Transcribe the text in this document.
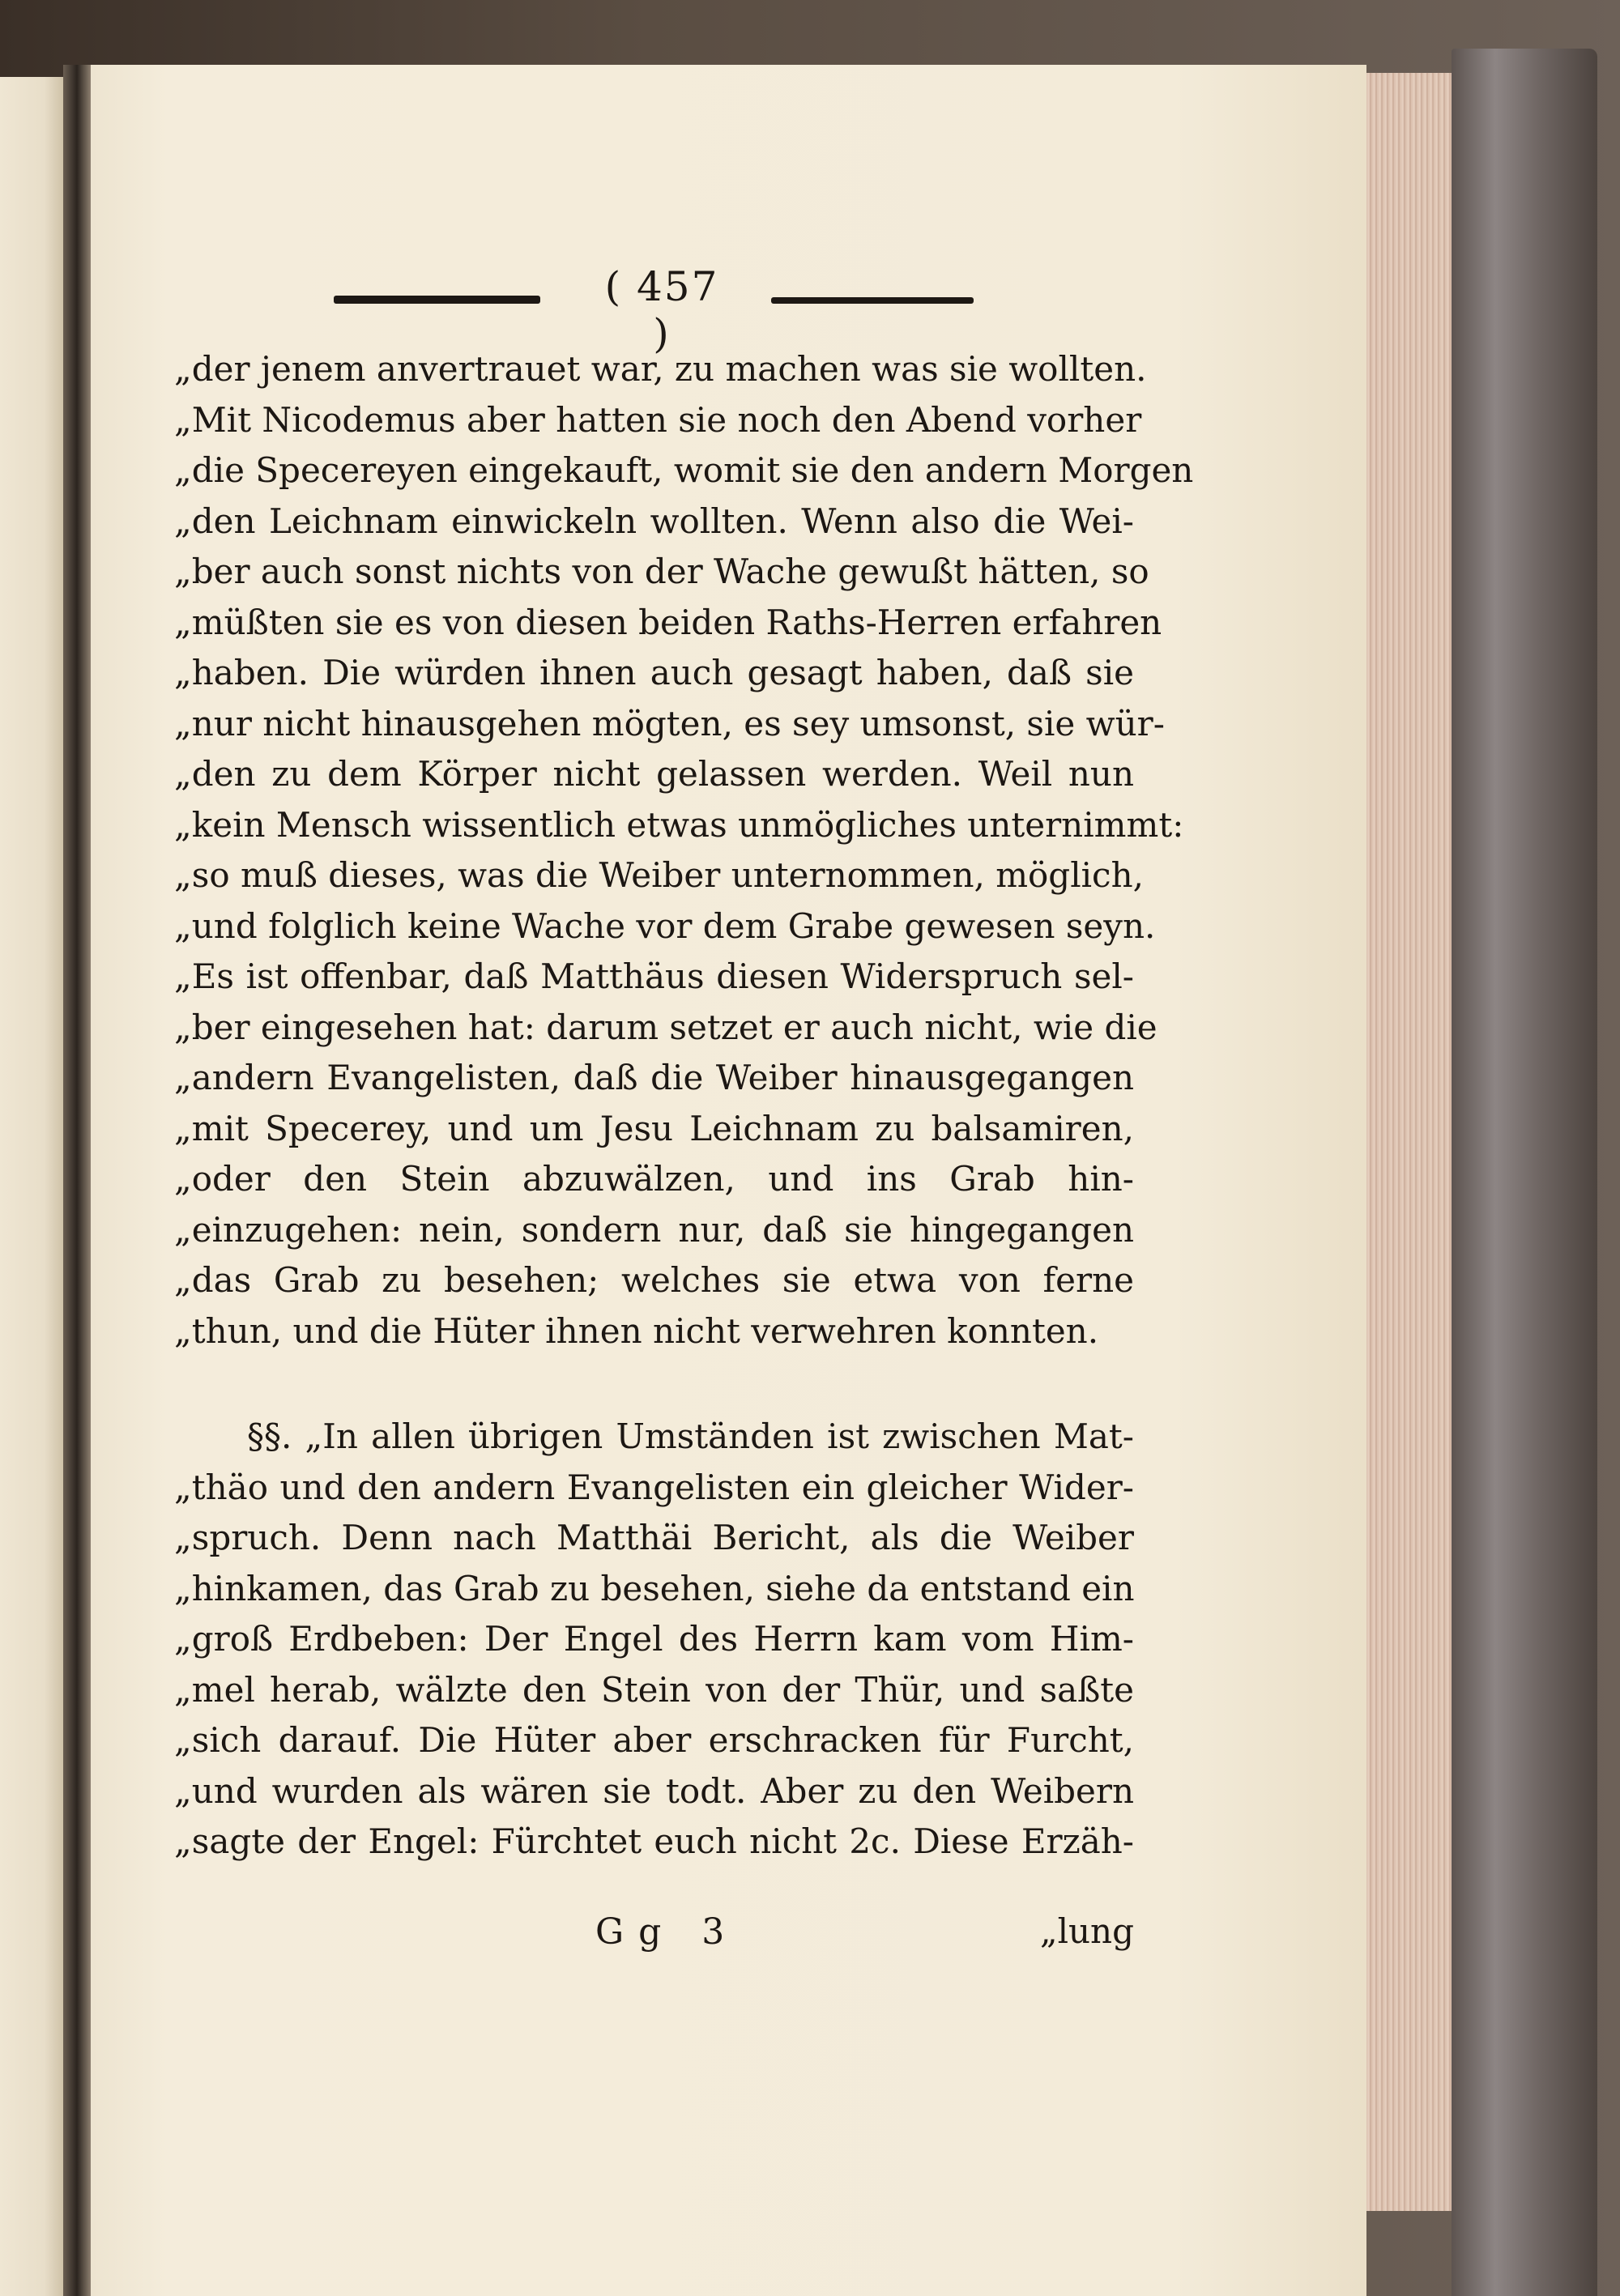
( 457 )
„der jenem anvertrauet war, zu machen was sie wollten.
„Mit Nicodemus aber hatten sie noch den Abend vorher
„die Specereyen eingekauft, womit sie den andern Morgen
„den Leichnam einwickeln wollten. Wenn also die Wei-
„ber auch sonst nichts von der Wache gewußt hätten, so
„müßten sie es von diesen beiden Raths-Herren erfahren
„haben. Die würden ihnen auch gesagt haben, daß sie
„nur nicht hinausgehen mögten, es sey umsonst, sie wür-
„den zu dem Körper nicht gelassen werden. Weil nun
„kein Mensch wissentlich etwas unmögliches unternimmt:
„so muß dieses, was die Weiber unternommen, möglich,
„und folglich keine Wache vor dem Grabe gewesen seyn.
„Es ist offenbar, daß Matthäus diesen Widerspruch sel-
„ber eingesehen hat: darum setzet er auch nicht, wie die
„andern Evangelisten, daß die Weiber hinausgegangen
„mit Specerey, und um Jesu Leichnam zu balsamiren,
„oder den Stein abzuwälzen, und ins Grab hin-
„einzugehen: nein, sondern nur, daß sie hingegangen
„das Grab zu besehen; welches sie etwa von ferne
„thun, und die Hüter ihnen nicht verwehren konnten.
§§. „In allen übrigen Umständen ist zwischen Mat-
„thäo und den andern Evangelisten ein gleicher Wider-
„spruch. Denn nach Matthäi Bericht, als die Weiber
„hinkamen, das Grab zu besehen, siehe da entstand ein
„groß Erdbeben: Der Engel des Herrn kam vom Him-
„mel herab, wälzte den Stein von der Thür, und saßte
„sich darauf. Die Hüter aber erschracken für Furcht,
„und wurden als wären sie todt. Aber zu den Weibern
„sagte der Engel: Fürchtet euch nicht 2c. Diese Erzäh-
Gg 3	„lung
